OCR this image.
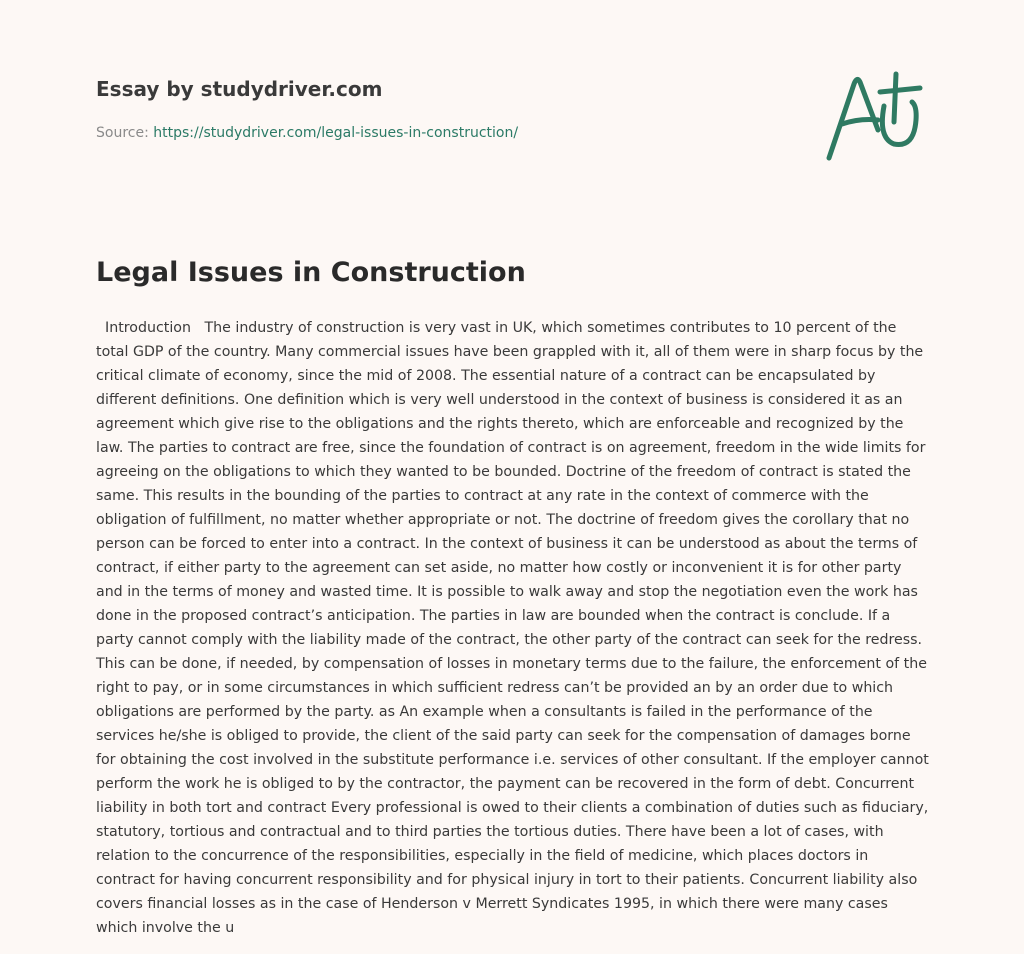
Essay by studydriver.com
Source: https://studydriver.com/legal-issues-in-construction/
Legal Issues in Construction

Introduction   The industry of construction is very vast in UK, which sometimes contributes to 10 percent of the total GDP of the country. Many commercial issues have been grappled with it, all of them were in sharp focus by the critical climate of economy, since the mid of 2008. The essential nature of a contract can be encapsulated by different definitions. One definition which is very well understood in the context of business is considered it as an agreement which give rise to the obligations and the rights thereto, which are enforceable and recognized by the law. The parties to contract are free, since the foundation of contract is on agreement, freedom in the wide limits for agreeing on the obligations to which they wanted to be bounded. Doctrine of the freedom of contract is stated the same. This results in the bounding of the parties to contract at any rate in the context of commerce with the obligation of fulfillment, no matter whether appropriate or not. The doctrine of freedom gives the corollary that no person can be forced to enter into a contract. In the context of business it can be understood as about the terms of contract, if either party to the agreement can set aside, no matter how costly or inconvenient it is for other party and in the terms of money and wasted time. It is possible to walk away and stop the negotiation even the work has done in the proposed contract’s anticipation. The parties in law are bounded when the contract is conclude. If a party cannot comply with the liability made of the contract, the other party of the contract can seek for the redress. This can be done, if needed, by compensation of losses in monetary terms due to the failure, the enforcement of the right to pay, or in some circumstances in which sufficient redress can’t be provided an by an order due to which obligations are performed by the party. as An example when a consultants is failed in the performance of the services he/she is obliged to provide, the client of the said party can seek for the compensation of damages borne for obtaining the cost involved in the substitute performance i.e. services of other consultant. If the employer cannot perform the work he is obliged to by the contractor, the payment can be recovered in the form of debt. Concurrent liability in both tort and contract Every professional is owed to their clients a combination of duties such as fiduciary, statutory, tortious and contractual and to third parties the tortious duties. There have been a lot of cases, with relation to the concurrence of the responsibilities, especially in the field of medicine, which places doctors in contract for having concurrent responsibility and for physical injury in tort to their patients. Concurrent liability also covers financial losses as in the case of Henderson v Merrett Syndicates 1995, in which there were many cases which involve the u
